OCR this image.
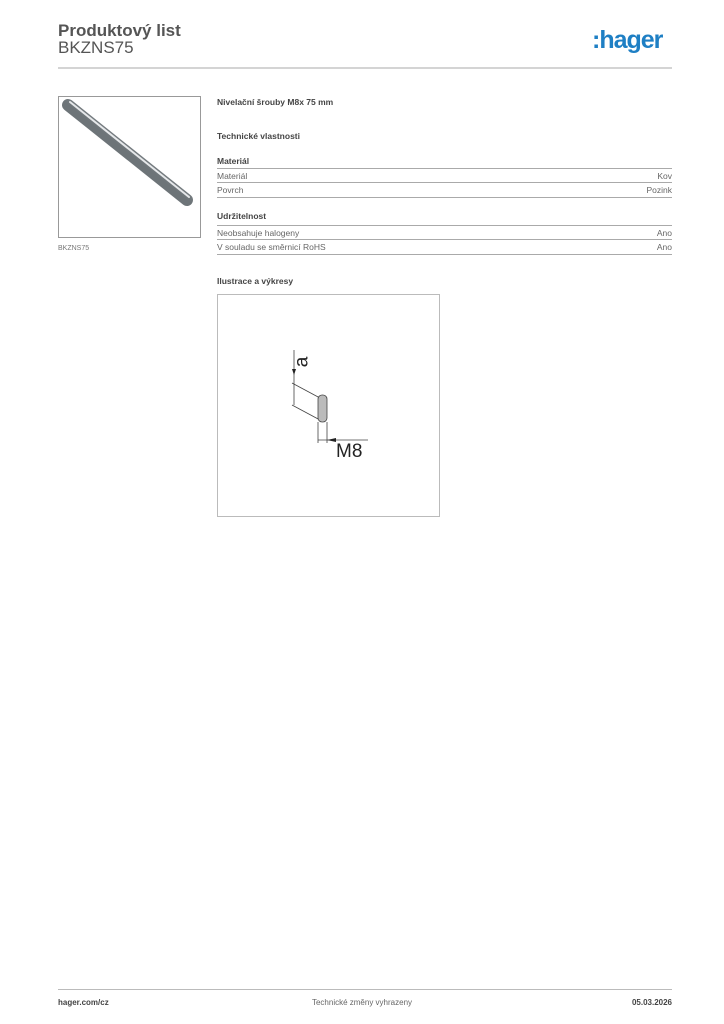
Produktový list
BKZNS75	:hager
BKZNS75
Nivelační šrouby M8x 75 mm
Technické vlastnosti
Materiál
Materiál	Kov
Povrch	Pozink
Udržitelnost
Neobsahuje halogeny	Ano
V souladu se směrnicí RoHS	Ano
Ilustrace a výkresy
a
M8
hager.com/cz	Technické změny vyhrazeny	05.03.2026
